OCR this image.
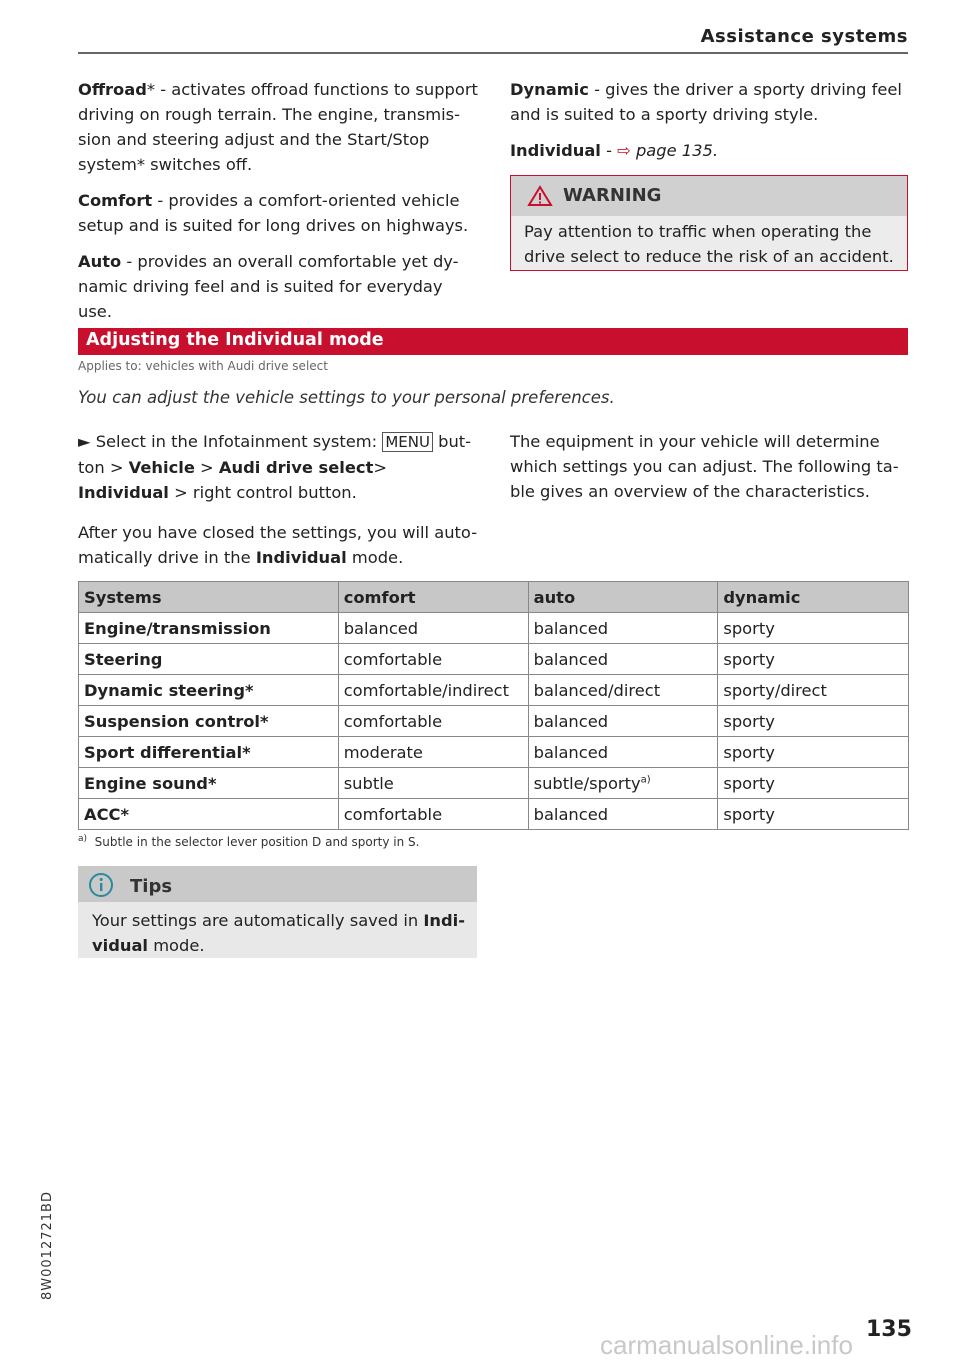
Assistance systems

Offroad* - activates offroad functions to support driving on rough terrain. The engine, transmis- sion and steering adjust and the Start/Stop system* switches off.

Comfort - provides a comfort-oriented vehicle setup and is suited for long drives on highways.

Auto - provides an overall comfortable yet dy- namic driving feel and is suited for everyday use.

Dynamic - gives the driver a sporty driving feel and is suited to a sporty driving style.

Individual - ⇨ page 135.

WARNING
Pay attention to traffic when operating the drive select to reduce the risk of an accident.
Adjusting the Individual mode
Applies to: vehicles with Audi drive select
You can adjust the vehicle settings to your personal preferences.

► Select in the Infotainment system: MENU but- ton > Vehicle > Audi drive select> Individual > right control button.

After you have closed the settings, you will auto- matically drive in the Individual mode.

The equipment in your vehicle will determine which settings you can adjust. The following ta- ble gives an overview of the characteristics.

Systems	comfort	auto	dynamic
Engine/transmission	balanced	balanced	sporty
Steering	comfortable	balanced	sporty
Dynamic steering*	comfortable/indirect	balanced/direct	sporty/direct
Suspension control*	comfortable	balanced	sporty
Sport differential*	moderate	balanced	sporty
Engine sound*	subtle	subtle/sporty$^{a)}$	sporty
ACC*	comfortable	balanced	sporty
$^{a)}$ Subtle in the selector lever position D and sporty in S.
Tips
Your settings are automatically saved in Indi- vidual mode.
8W0012721BD
carmanualsonline.info
135
